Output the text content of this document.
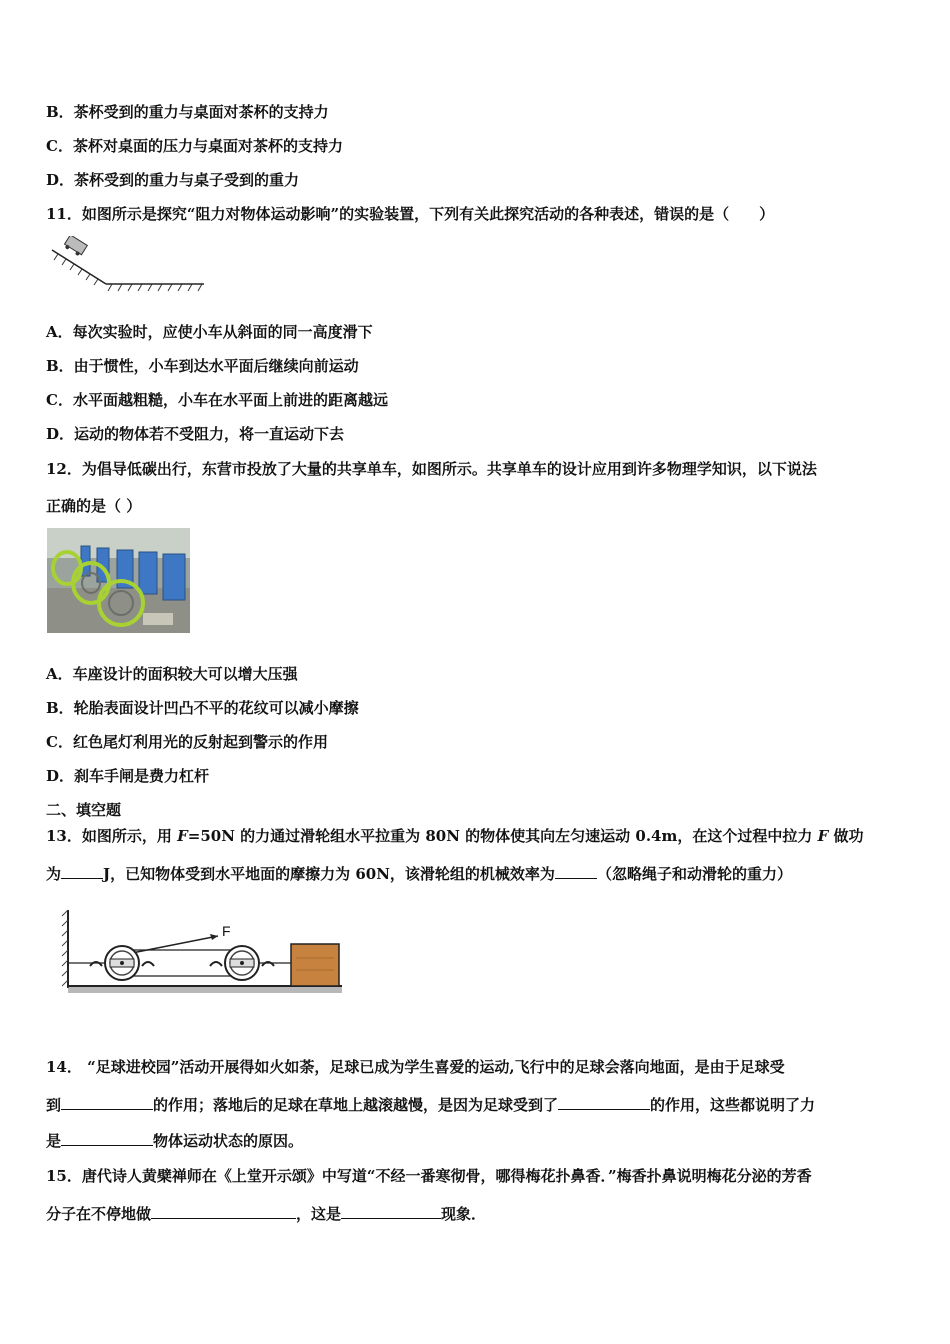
B．茶杯受到的重力与桌面对茶杯的支持力
C．茶杯对桌面的压力与桌面对茶杯的支持力
D．茶杯受到的重力与桌子受到的重力
11．如图所示是探究“阻力对物体运动影响”的实验装置，下列有关此探究活动的各种表述，错误的是（　　）
A．每次实验时，应使小车从斜面的同一高度滑下
B．由于惯性，小车到达水平面后继续向前运动
C．水平面越粗糙，小车在水平面上前进的距离越远
D．运动的物体若不受阻力，将一直运动下去
12．为倡导低碳出行，东营市投放了大量的共享单车，如图所示。共享单车的设计应用到许多物理学知识，以下说法
正确的是（ ）
A．车座设计的面积较大可以增大压强
B．轮胎表面设计凹凸不平的花纹可以减小摩擦
C．红色尾灯利用光的反射起到警示的作用
D．刹车手闸是费力杠杆
二、填空题
13．如图所示，用 F=50N 的力通过滑轮组水平拉重为 80N 的物体使其向左匀速运动 0.4m，在这个过程中拉力 F 做功
为	J，已知物体受到水平地面的摩擦力为 60N，该滑轮组的机械效率为	（忽略绳子和动滑轮的重力）
F
14． “足球进校园”活动开展得如火如荼，足球已成为学生喜爱的运动,飞行中的足球会落向地面，是由于足球受
到	的作用；落地后的足球在草地上越滚越慢，是因为足球受到了	的作用，这些都说明了力
是	物体运动状态的原因。
15．唐代诗人黄檗禅师在《上堂开示颂》中写道“不经一番寒彻骨，哪得梅花扑鼻香．”梅香扑鼻说明梅花分泌的芳香
分子在不停地做	，这是	现象．
